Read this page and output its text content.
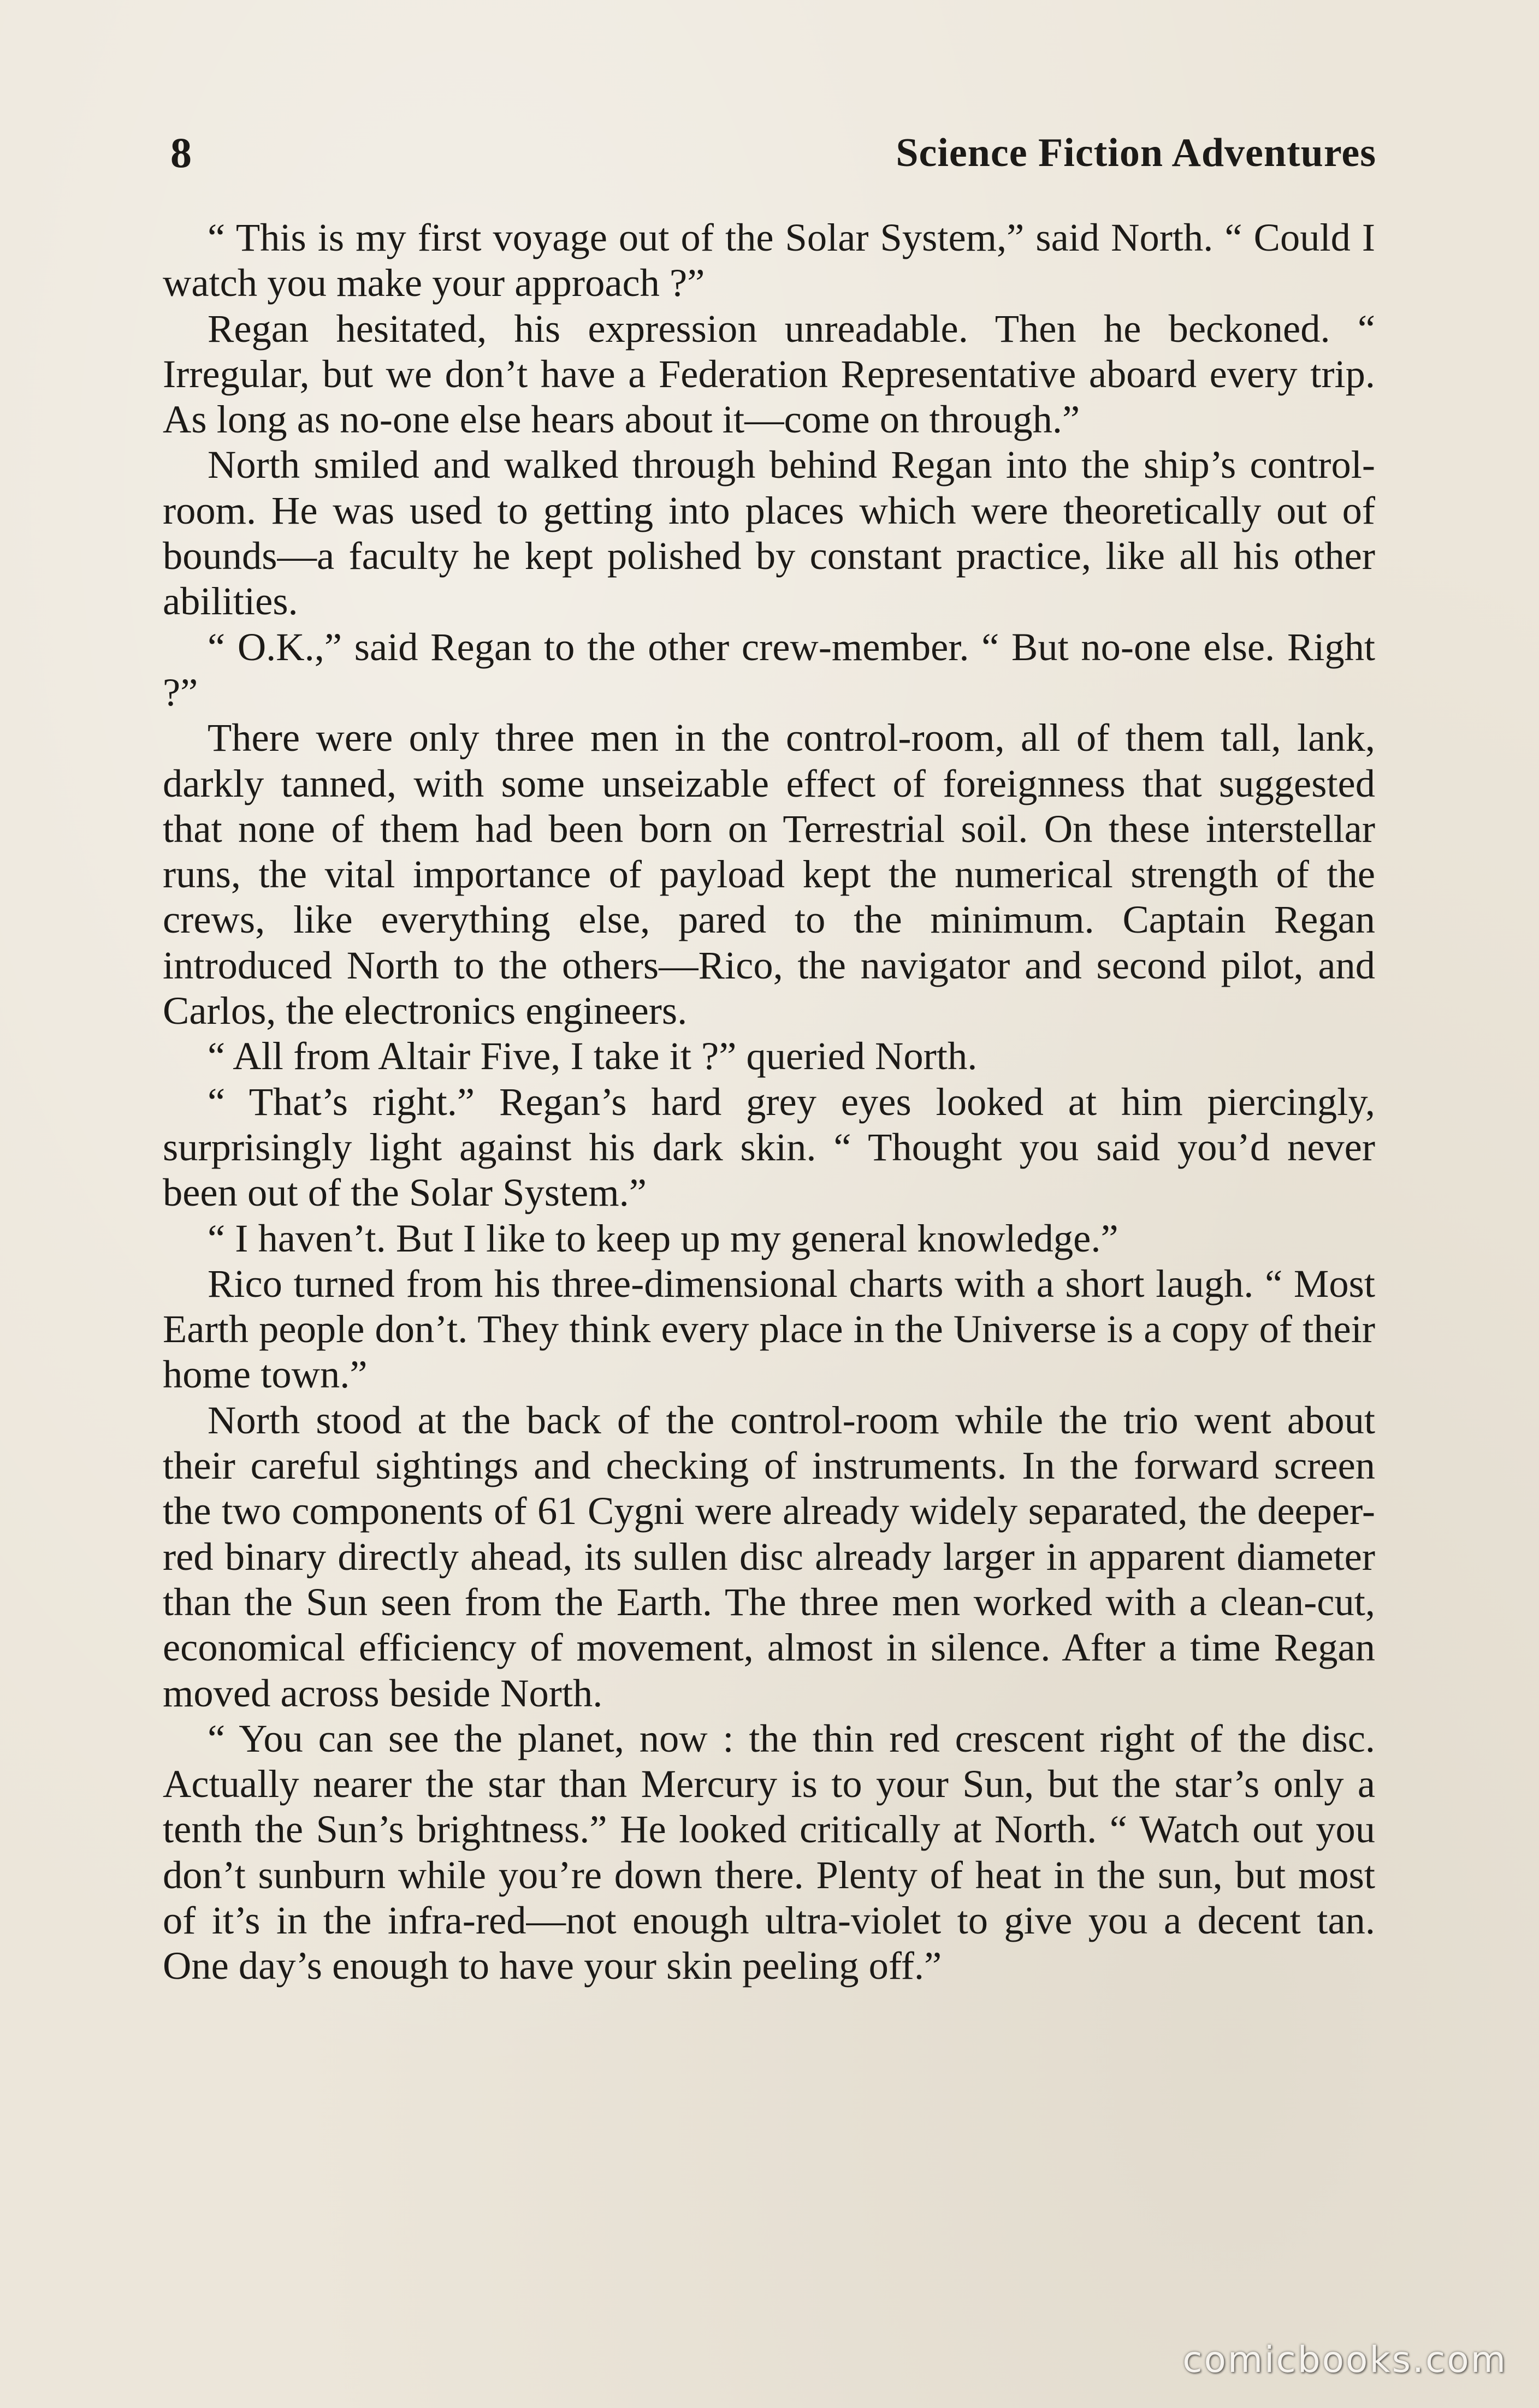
8	Science Fiction Adventures

“ This is my first voyage out of the Solar System,” said North. “ Could I watch you make your approach ?”

Regan hesitated, his expression unreadable. Then he beckoned. “ Irregular, but we don’t have a Federation Representative aboard every trip. As long as no-one else hears about it—come on through.”

North smiled and walked through behind Regan into the ship’s control-room. He was used to getting into places which were theoretically out of bounds—a faculty he kept polished by constant practice, like all his other abilities.

“ O.K.,” said Regan to the other crew-member. “ But no-one else. Right ?”

There were only three men in the control-room, all of them tall, lank, darkly tanned, with some unseizable effect of foreignness that suggested that none of them had been born on Terrestrial soil. On these interstellar runs, the vital importance of payload kept the numerical strength of the crews, like everything else, pared to the minimum. Captain Regan introduced North to the others—Rico, the navigator and second pilot, and Carlos, the electronics engineers.

“ All from Altair Five, I take it ?” queried North.

“ That’s right.” Regan’s hard grey eyes looked at him piercingly, surprisingly light against his dark skin. “ Thought you said you’d never been out of the Solar System.”

“ I haven’t. But I like to keep up my general knowledge.”

Rico turned from his three-dimensional charts with a short laugh. “ Most Earth people don’t. They think every place in the Universe is a copy of their home town.”

North stood at the back of the control-room while the trio went about their careful sightings and checking of instruments. In the forward screen the two components of 61 Cygni were already widely separated, the deeper-red binary directly ahead, its sullen disc already larger in apparent diameter than the Sun seen from the Earth. The three men worked with a clean-cut, economical efficiency of movement, almost in silence. After a time Regan moved across beside North.

“ You can see the planet, now : the thin red crescent right of the disc. Actually nearer the star than Mercury is to your Sun, but the star’s only a tenth the Sun’s brightness.” He looked critically at North. “ Watch out you don’t sunburn while you’re down there. Plenty of heat in the sun, but most of it’s in the infra-red—not enough ultra-violet to give you a decent tan. One day’s enough to have your skin peeling off.”

comicbooks.com
